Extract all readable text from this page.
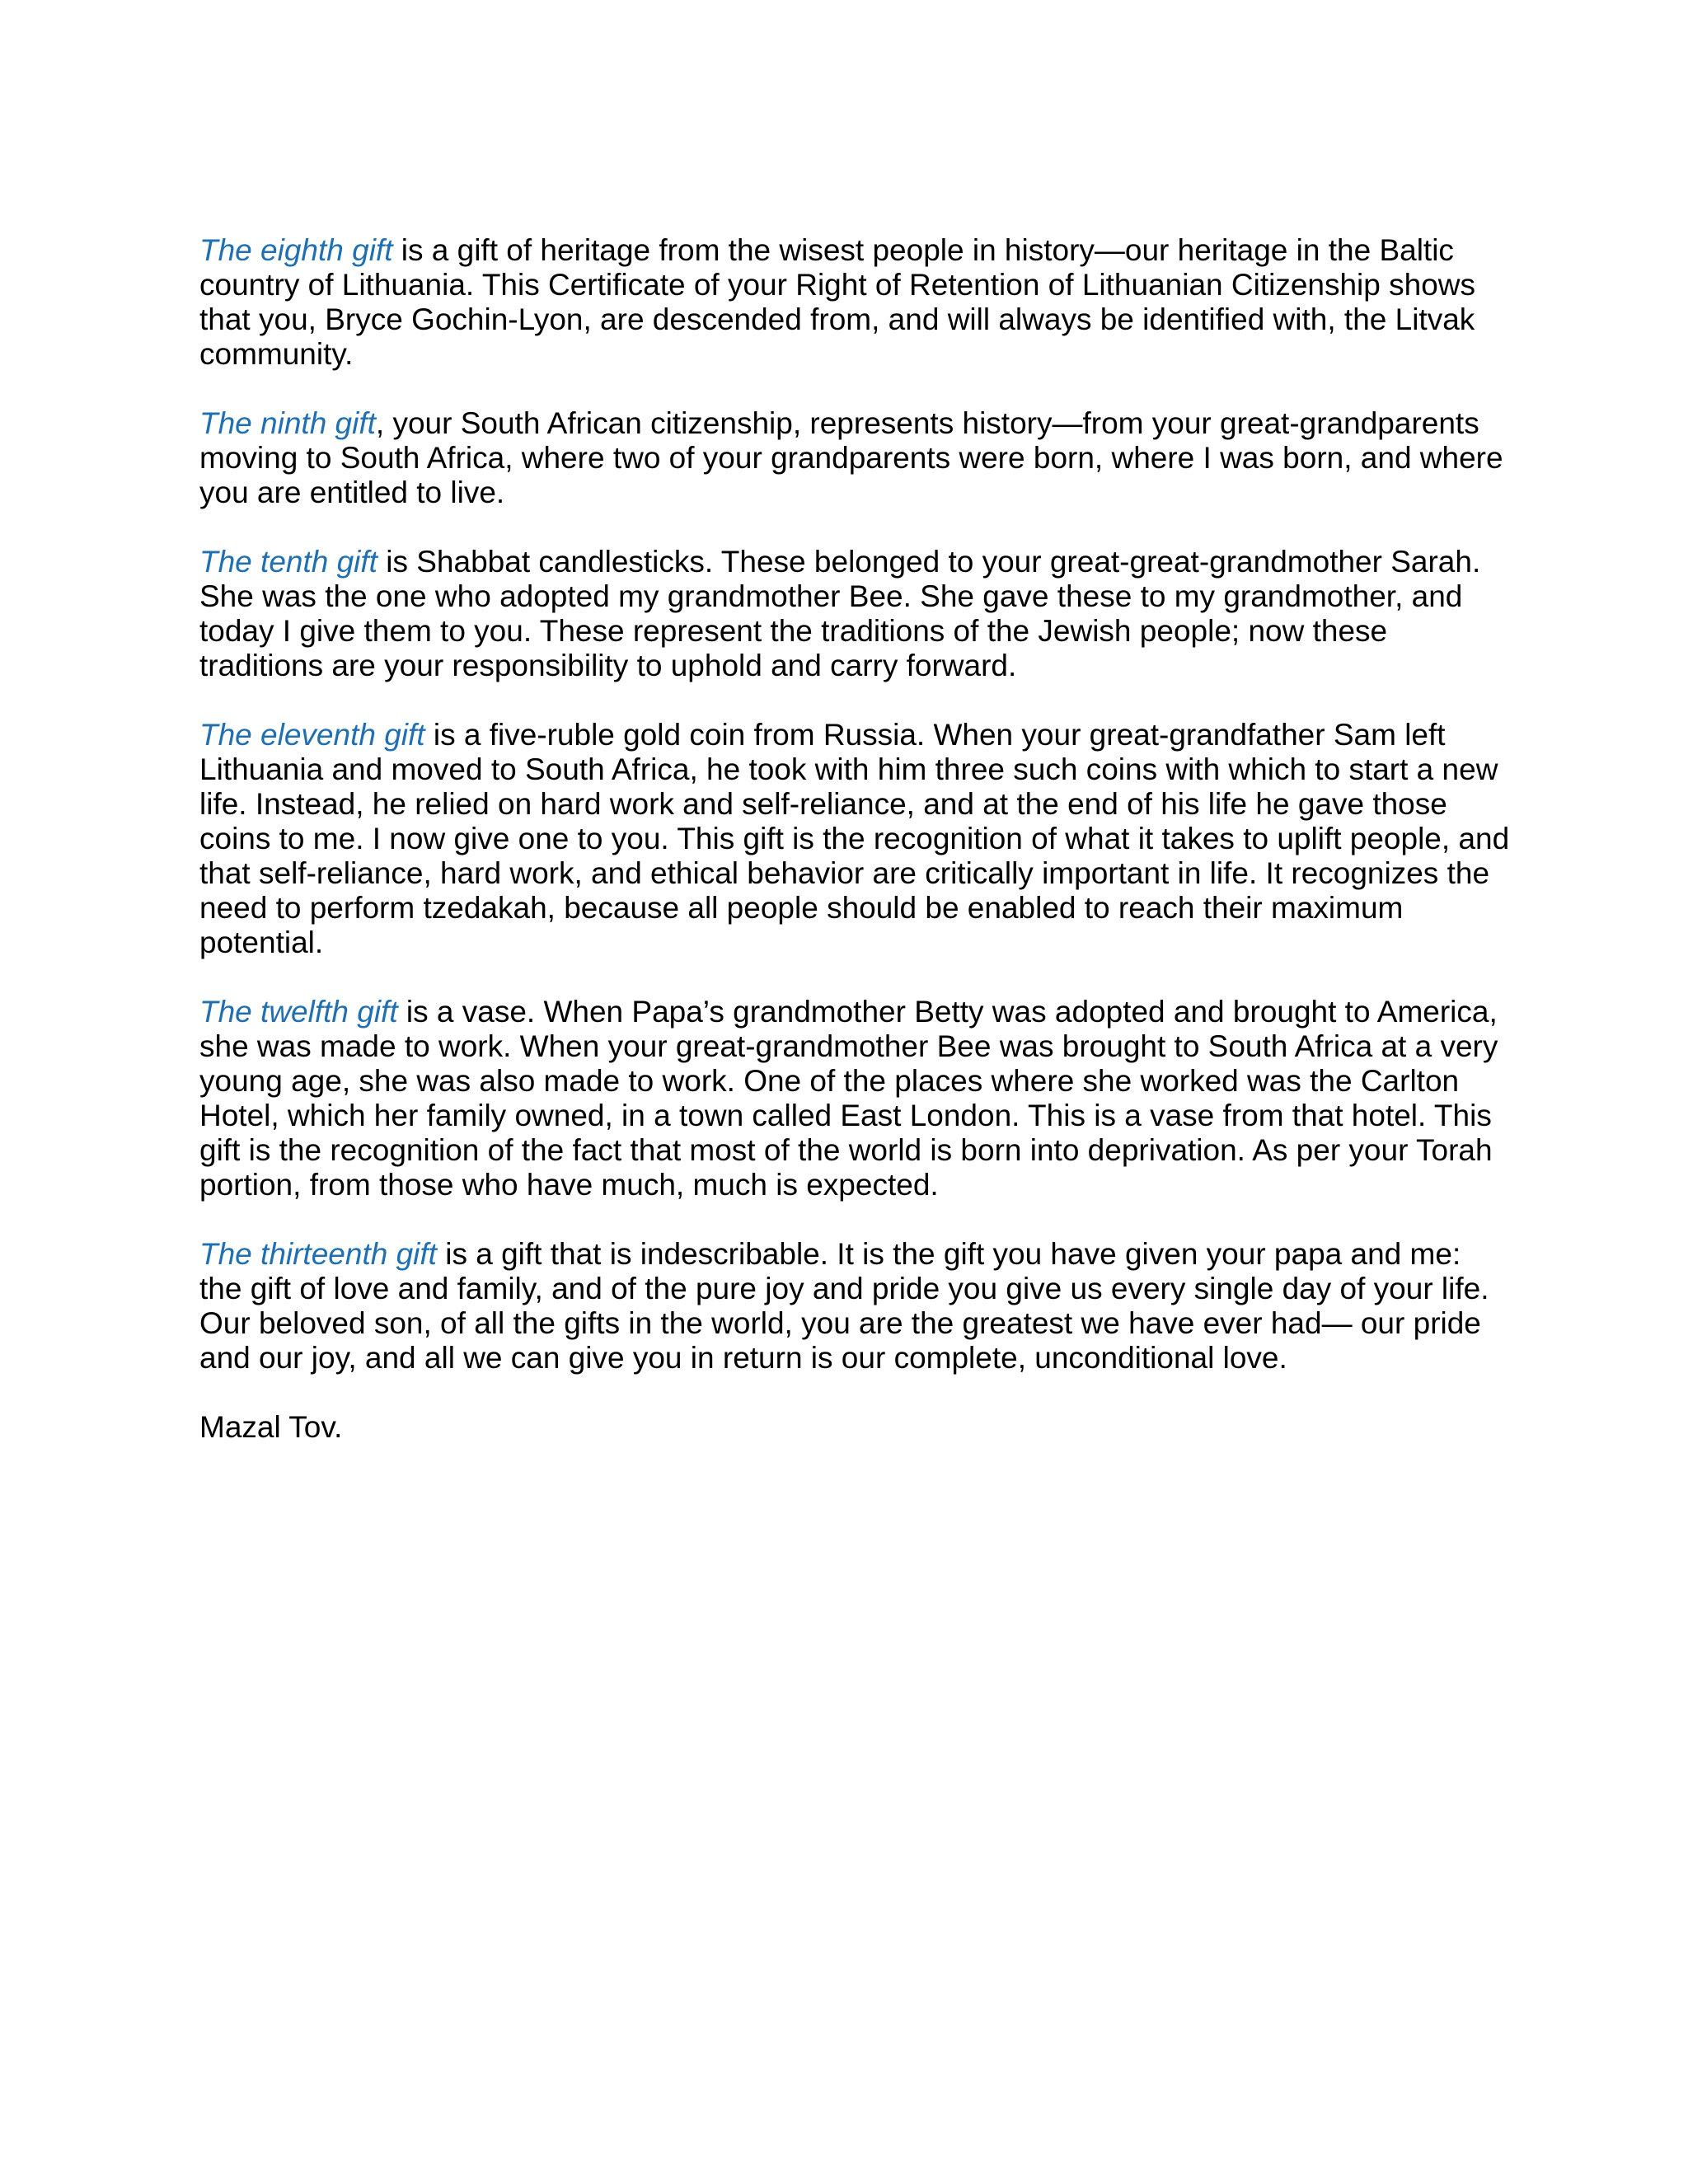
The eighth gift is a gift of heritage from the wisest people in history—our heritage in the Baltic country of Lithuania. This Certificate of your Right of Retention of Lithuanian Citizenship shows that you, Bryce Gochin-Lyon, are descended from, and will always be identified with, the Litvak community.

The ninth gift, your South African citizenship, represents history—from your great-grandparents moving to South Africa, where two of your grandparents were born, where I was born, and where you are entitled to live.

The tenth gift is Shabbat candlesticks. These belonged to your great-great-grandmother Sarah. She was the one who adopted my grandmother Bee. She gave these to my grandmother, and today I give them to you. These represent the traditions of the Jewish people; now these traditions are your responsibility to uphold and carry forward.

The eleventh gift is a five-ruble gold coin from Russia. When your great-grandfather Sam left Lithuania and moved to South Africa, he took with him three such coins with which to start a new life. Instead, he relied on hard work and self-reliance, and at the end of his life he gave those coins to me. I now give one to you. This gift is the recognition of what it takes to uplift people, and that self-reliance, hard work, and ethical behavior are critically important in life. It recognizes the need to perform tzedakah, because all people should be enabled to reach their maximum potential.

The twelfth gift is a vase. When Papa’s grandmother Betty was adopted and brought to America, she was made to work. When your great-grandmother Bee was brought to South Africa at a very young age, she was also made to work. One of the places where she worked was the Carlton Hotel, which her family owned, in a town called East London. This is a vase from that hotel. This gift is the recognition of the fact that most of the world is born into deprivation. As per your Torah portion, from those who have much, much is expected.

The thirteenth gift is a gift that is indescribable. It is the gift you have given your papa and me: the gift of love and family, and of the pure joy and pride you give us every single day of your life. Our beloved son, of all the gifts in the world, you are the greatest we have ever had— our pride and our joy, and all we can give you in return is our complete, unconditional love.

Mazal Tov.
